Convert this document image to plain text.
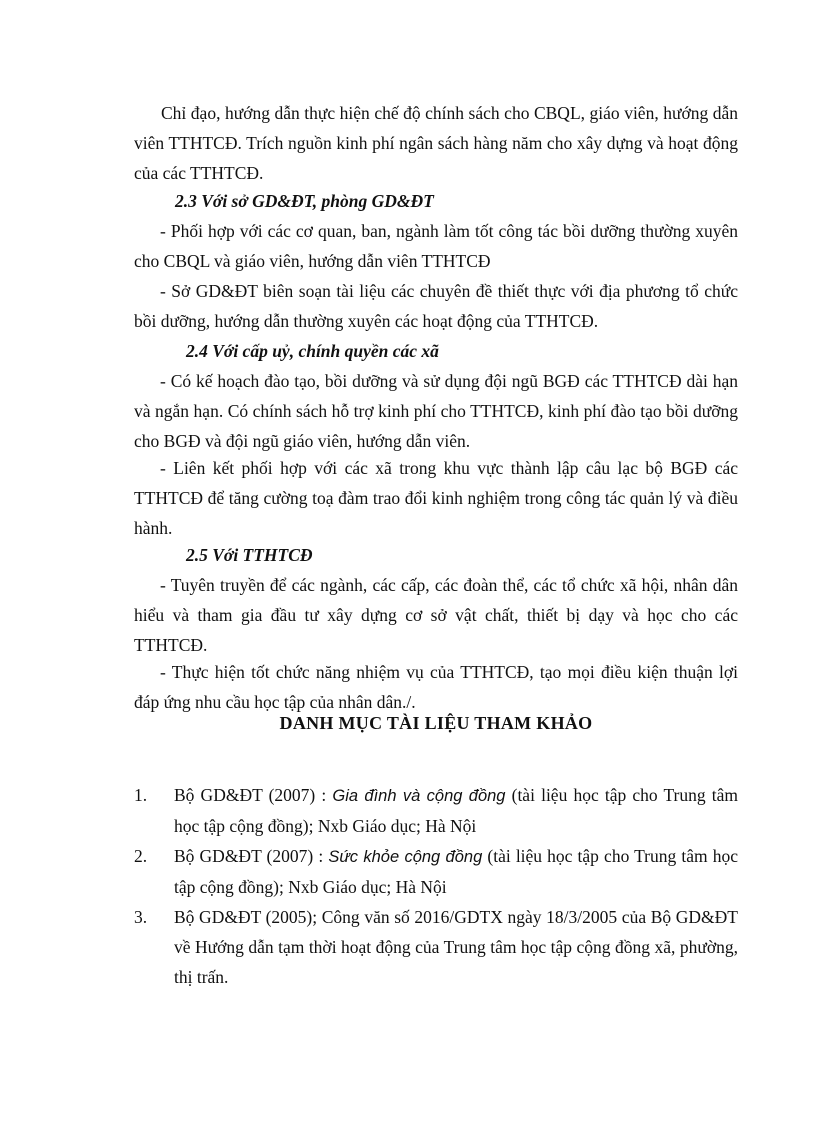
Chỉ đạo, hướng dẫn thực hiện chế độ chính sách cho CBQL, giáo viên, hướng dẫn viên TTHTCĐ. Trích nguồn kinh phí ngân sách hàng năm cho xây dựng và hoạt động của các TTHTCĐ.

2.3 Với sở GD&ĐT, phòng GD&ĐT

- Phối hợp với các cơ quan, ban, ngành làm tốt công tác bồi dưỡng thường xuyên cho CBQL và giáo viên, hướng dẫn viên TTHTCĐ

- Sở GD&ĐT biên soạn tài liệu các chuyên đề thiết thực với địa phương tổ chức bồi dưỡng, hướng dẫn thường xuyên các hoạt động của TTHTCĐ.

2.4 Với cấp uỷ, chính quyền các xã

- Có kế hoạch đào tạo, bồi dưỡng và sử dụng đội ngũ BGĐ các TTHTCĐ dài hạn và ngắn hạn. Có chính sách hỗ trợ kinh phí cho TTHTCĐ, kinh phí đào tạo bồi dưỡng cho BGĐ và đội ngũ giáo viên, hướng dẫn viên.

- Liên kết phối hợp với các xã trong khu vực thành lập câu lạc bộ BGĐ các TTHTCĐ để tăng cường toạ đàm trao đổi kinh nghiệm trong công tác quản lý và điều hành.

2.5 Với TTHTCĐ

- Tuyên truyền để các ngành, các cấp, các đoàn thể, các tổ chức xã hội, nhân dân hiểu và tham gia đầu tư xây dựng cơ sở vật chất, thiết bị dạy và học cho các TTHTCĐ.

- Thực hiện tốt chức năng nhiệm vụ của TTHTCĐ, tạo mọi điều kiện thuận lợi đáp ứng nhu cầu học tập của nhân dân./.

DANH MỤC TÀI LIỆU THAM KHẢO

1. Bộ GD&ĐT (2007) : Gia đình và cộng đồng (tài liệu học tập cho Trung tâm học tập cộng đồng); Nxb Giáo dục; Hà Nội
2. Bộ GD&ĐT (2007) : Sức khỏe cộng đồng (tài liệu học tập cho Trung tâm học tập cộng đồng); Nxb Giáo dục; Hà Nội
3. Bộ GD&ĐT (2005); Công văn số 2016/GDTX ngày 18/3/2005 của Bộ GD&ĐT về Hướng dẫn tạm thời hoạt động của Trung tâm học tập cộng đồng xã, phường, thị trấn.
